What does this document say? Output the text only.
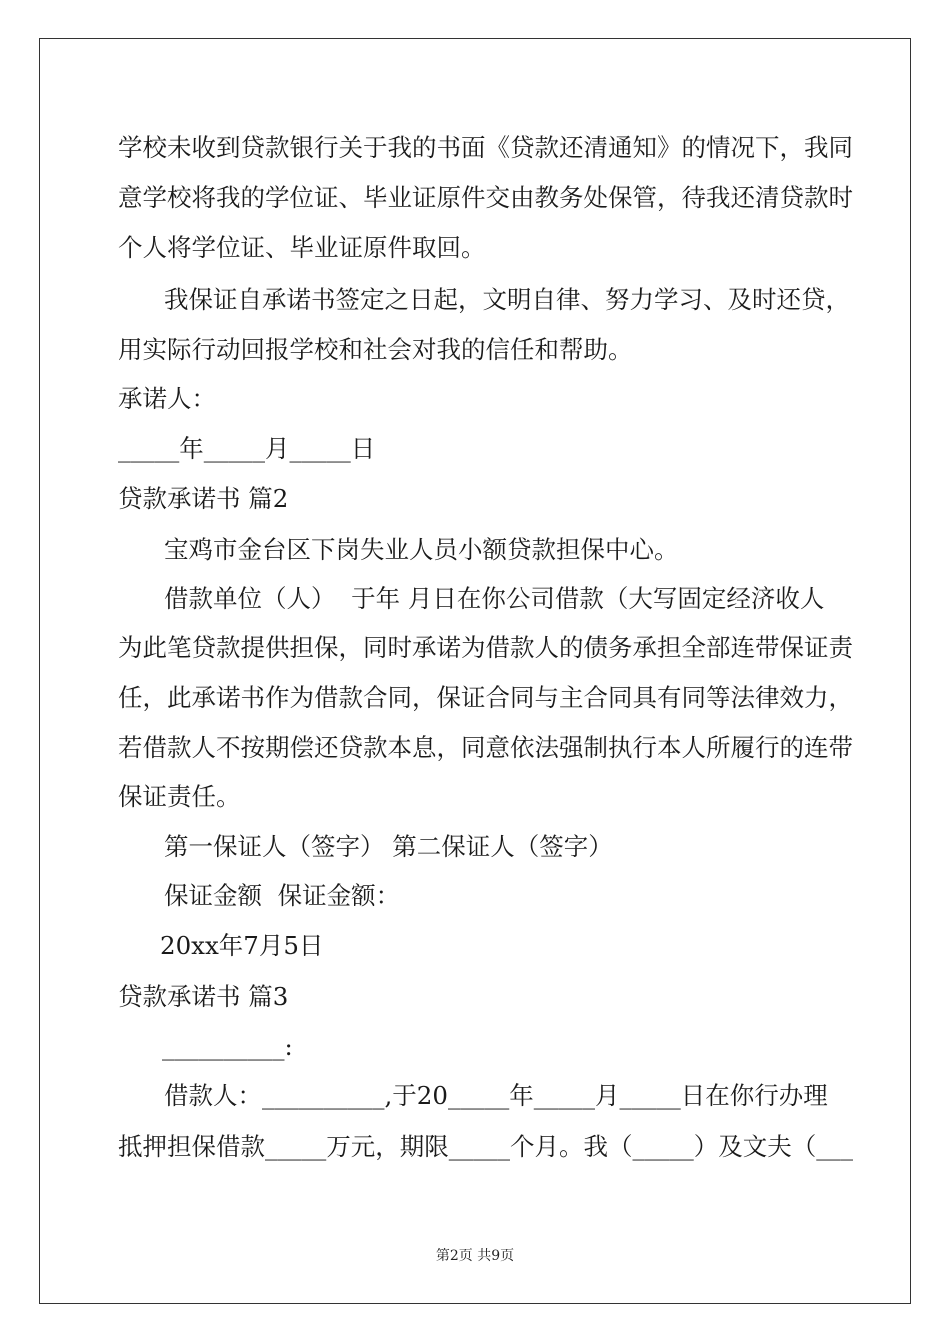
学校未收到贷款银行关于我的书面《贷款还清通知》的情况下，我同
意学校将我的学位证、毕业证原件交由教务处保管，待我还清贷款时
个人将学位证、毕业证原件取回。
我保证自承诺书签定之日起，文明自律、努力学习、及时还贷，
用实际行动回报学校和社会对我的信任和帮助。
承诺人：
_____年_____月_____日
贷款承诺书 篇2
宝鸡市金台区下岗失业人员小额贷款担保中心。
借款单位（人）  于年 月日在你公司借款（大写固定经济收人
为此笔贷款提供担保，同时承诺为借款人的债务承担全部连带保证责
任，此承诺书作为借款合同，保证合同与主合同具有同等法律效力，
若借款人不按期偿还贷款本息，同意依法强制执行本人所履行的连带
保证责任。
第一保证人（签字） 第二保证人（签字）
保证金额  保证金额：
20xx年7月5日
贷款承诺书 篇3
__________:
借款人：__________,于20_____年_____月_____日在你行办理
抵押担保借款_____万元，期限_____个月。我（_____）及文夫（___
第2页 共9页
